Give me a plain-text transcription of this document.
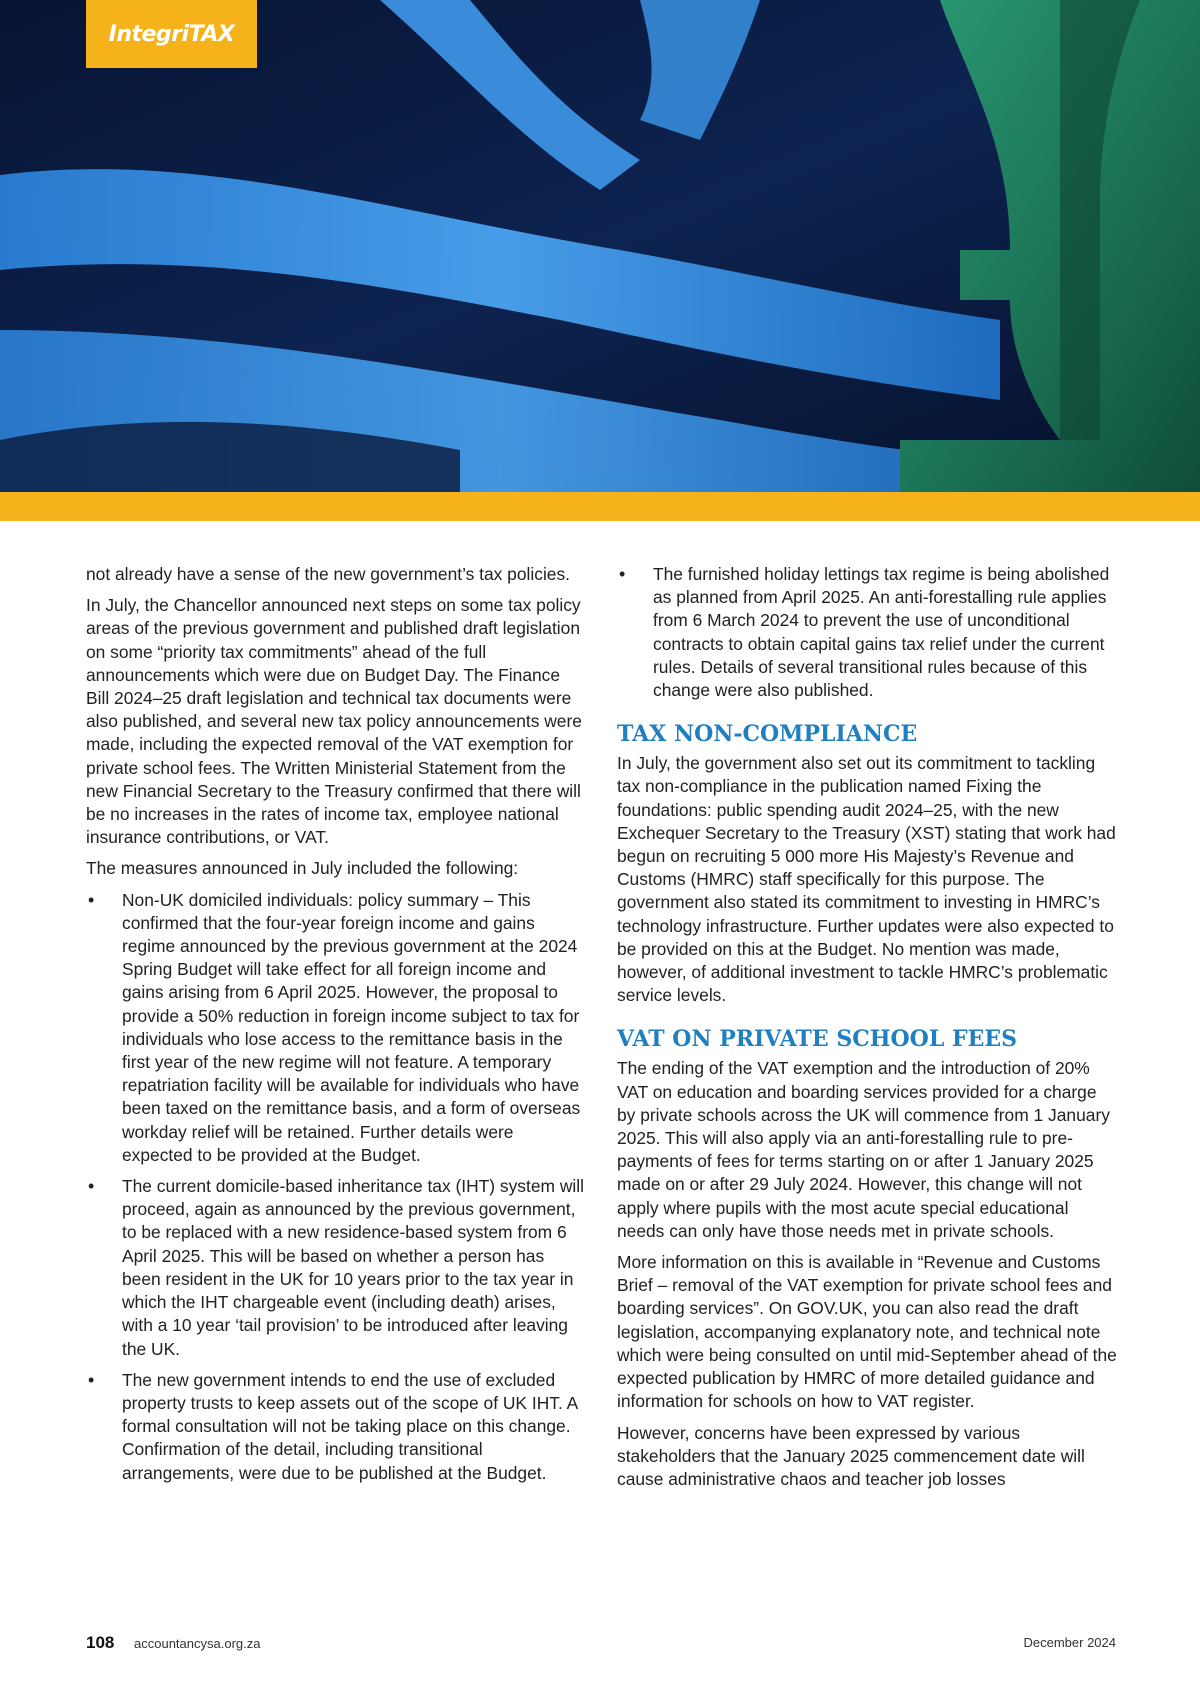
IntegriTAX

not already have a sense of the new government’s tax policies.

In July, the Chancellor announced next steps on some tax policy areas of the previous government and published draft legislation on some “priority tax commitments” ahead of the full announcements which were due on Budget Day. The Finance Bill 2024–25 draft legislation and technical tax documents were also published, and several new tax policy announcements were made, including the expected removal of the VAT exemption for private school fees. The Written Ministerial Statement from the new Financial Secretary to the Treasury confirmed that there will be no increases in the rates of income tax, employee national insurance contributions, or VAT.

The measures announced in July included the following:

• Non-UK domiciled individuals: policy summary – This confirmed that the four-year foreign income and gains regime announced by the previous government at the 2024 Spring Budget will take effect for all foreign income and gains arising from 6 April 2025. However, the proposal to provide a 50% reduction in foreign income subject to tax for individuals who lose access to the remittance basis in the first year of the new regime will not feature. A temporary repatriation facility will be available for individuals who have been taxed on the remittance basis, and a form of overseas workday relief will be retained. Further details were expected to be provided at the Budget.
• The current domicile-based inheritance tax (IHT) system will proceed, again as announced by the previous government, to be replaced with a new residence-based system from 6 April 2025. This will be based on whether a person has been resident in the UK for 10 years prior to the tax year in which the IHT chargeable event (including death) arises, with a 10 year ‘tail provision’ to be introduced after leaving the UK.
• The new government intends to end the use of excluded property trusts to keep assets out of the scope of UK IHT. A formal consultation will not be taking place on this change. Confirmation of the detail, including transitional arrangements, were due to be published at the Budget.
• The furnished holiday lettings tax regime is being abolished as planned from April 2025. An anti-forestalling rule applies from 6 March 2024 to prevent the use of unconditional contracts to obtain capital gains tax relief under the current rules. Details of several transitional rules because of this change were also published.
TAX NON-COMPLIANCE

In July, the government also set out its commitment to tackling tax non-compliance in the publication named Fixing the foundations: public spending audit 2024–25, with the new Exchequer Secretary to the Treasury (XST) stating that work had begun on recruiting 5 000 more His Majesty’s Revenue and Customs (HMRC) staff specifically for this purpose. The government also stated its commitment to investing in HMRC’s technology infrastructure. Further updates were also expected to be provided on this at the Budget. No mention was made, however, of additional investment to tackle HMRC’s problematic service levels.

VAT ON PRIVATE SCHOOL FEES

The ending of the VAT exemption and the introduction of 20% VAT on education and boarding services provided for a charge by private schools across the UK will commence from 1 January 2025. This will also apply via an anti-forestalling rule to pre-payments of fees for terms starting on or after 1 January 2025 made on or after 29 July 2024. However, this change will not apply where pupils with the most acute special educational needs can only have those needs met in private schools.

More information on this is available in “Revenue and Customs Brief – removal of the VAT exemption for private school fees and boarding services”. On GOV.UK, you can also read the draft legislation, accompanying explanatory note, and technical note which were being consulted on until mid-September ahead of the expected publication by HMRC of more detailed guidance and information for schools on how to VAT register.

However, concerns have been expressed by various stakeholders that the January 2025 commencement date will cause administrative chaos and teacher job losses

108 accountancysa.org.za	December 2024
